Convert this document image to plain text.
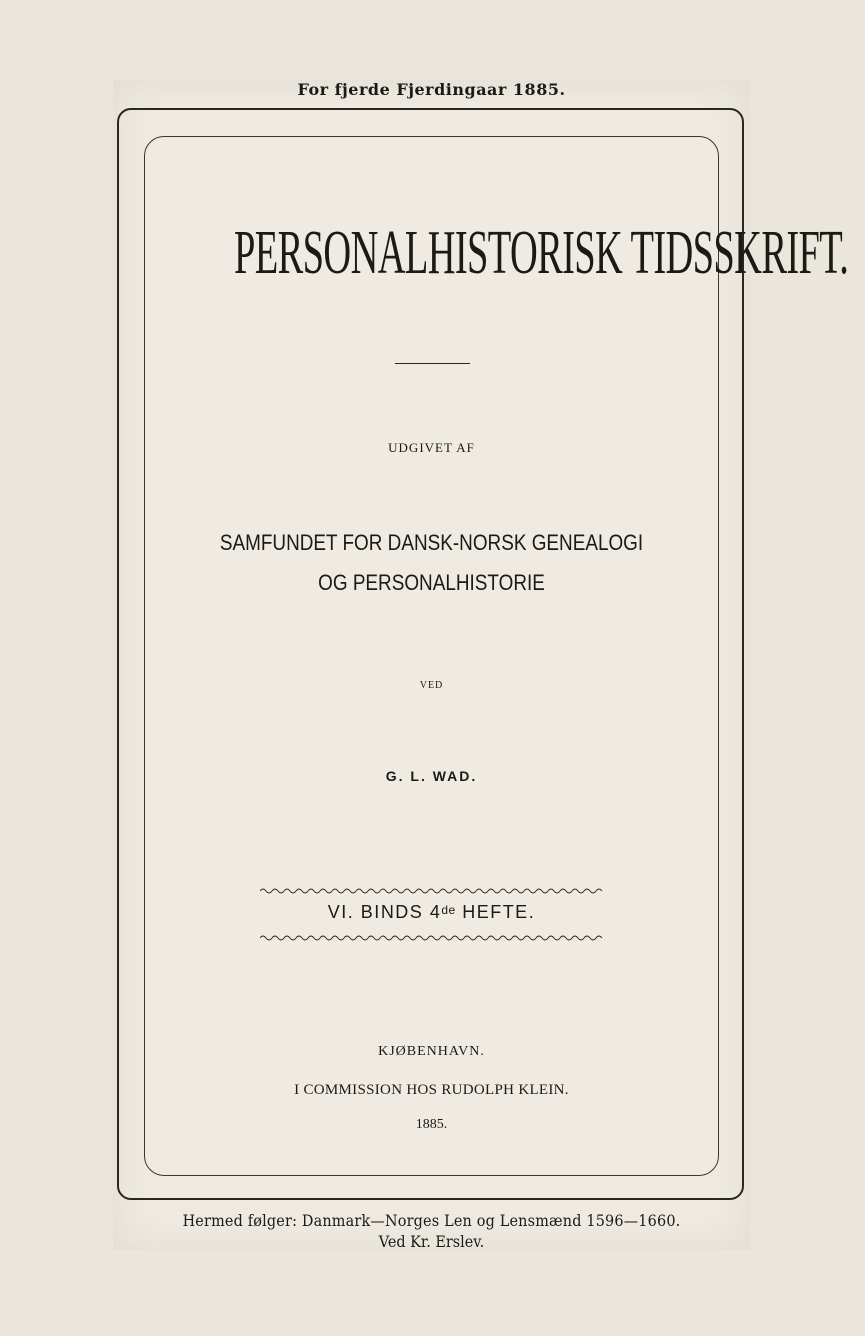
For fjerde Fjerdingaar 1885.
PERSONALHISTORISK TIDSSKRIFT.
UDGIVET AF
SAMFUNDET FOR DANSK-NORSK GENEALOGI
OG PERSONALHISTORIE
VED
G. L. WAD.
VI. BINDS 4de HEFTE.
KJØBENHAVN.
I COMMISSION HOS RUDOLPH KLEIN.
1885.
Hermed følger: Danmark—Norges Len og Lensmænd 1596—1660.
Ved Kr. Erslev.
